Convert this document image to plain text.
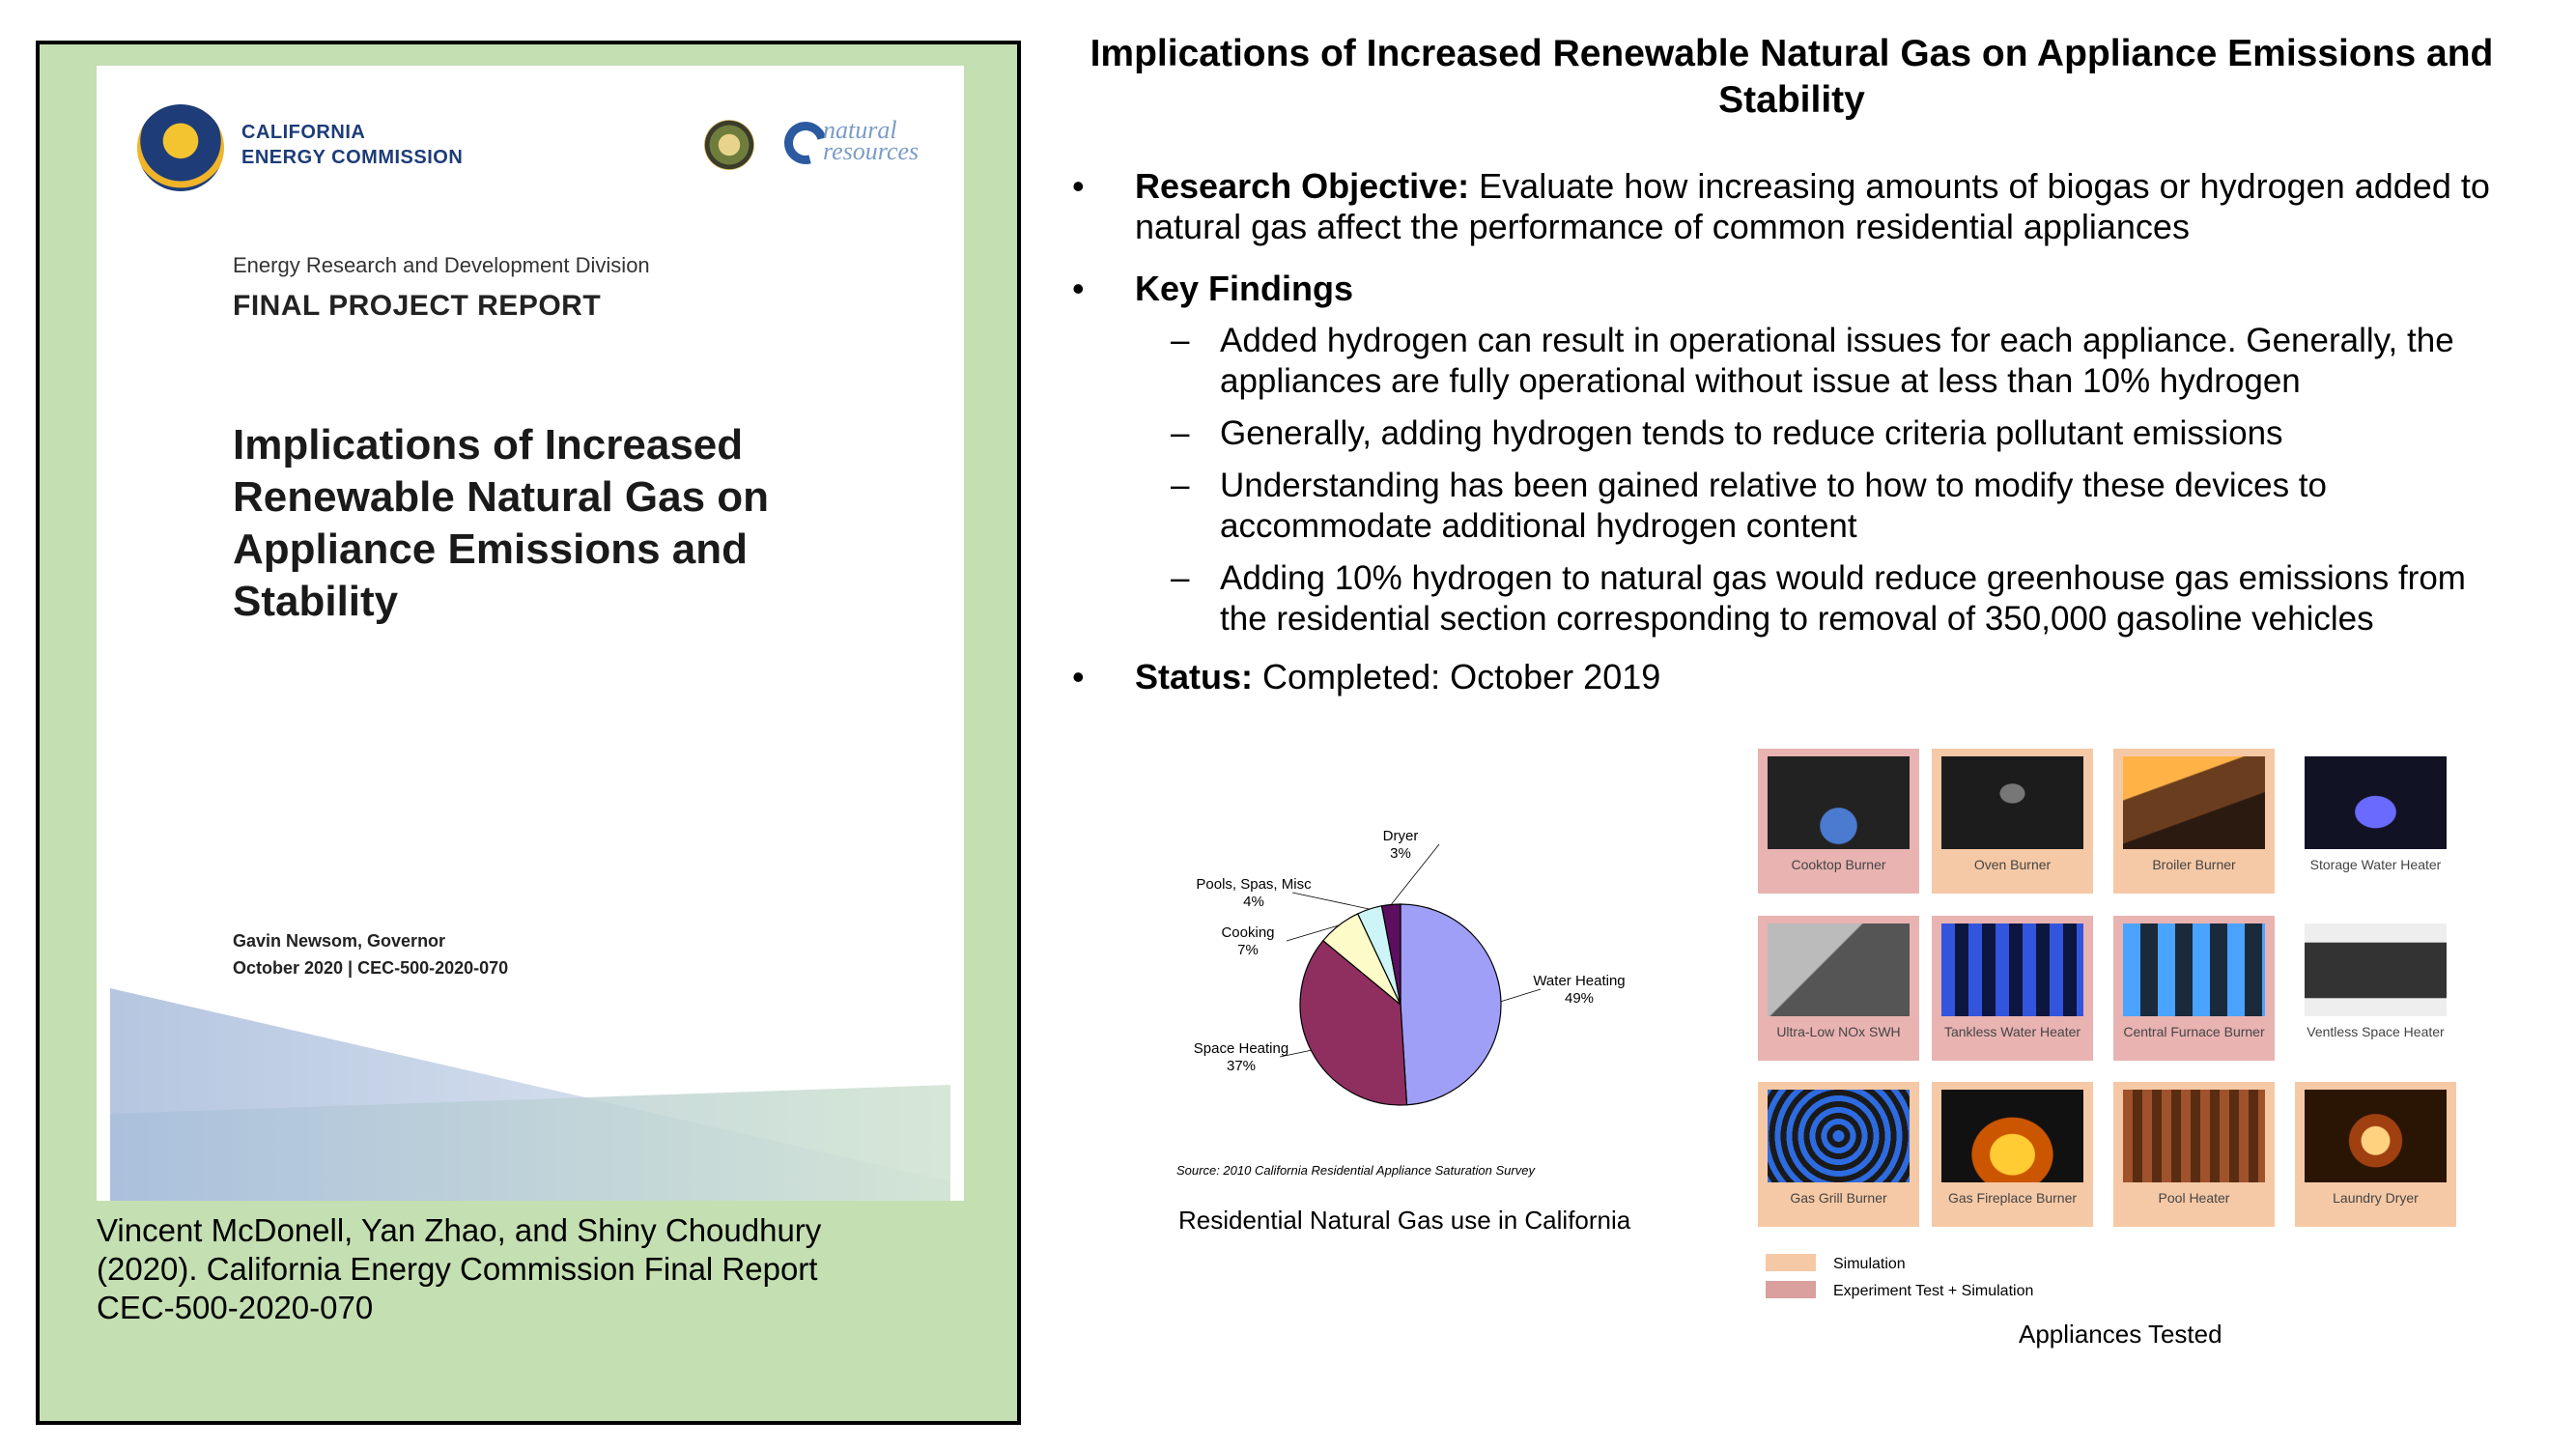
CALIFORNIA
ENERGY COMMISSION
natural
resources
Energy Research and Development Division
FINAL PROJECT REPORT
Implications of Increased Renewable Natural Gas on Appliance Emissions and Stability
Gavin Newsom, Governor
October 2020 | CEC-500-2020-070
Vincent McDonell, Yan Zhao, and Shiny Choudhury
(2020). California Energy Commission Final Report
CEC-500-2020-070
Implications of Increased Renewable Natural Gas on Appliance Emissions and Stability
• Research Objective: Evaluate how increasing amounts of biogas or hydrogen added to
natural gas affect the performance of common residential appliances
• Key Findings
– Added hydrogen can result in operational issues for each appliance. Generally, the
appliances are fully operational without issue at less than 10% hydrogen
– Generally, adding hydrogen tends to reduce criteria pollutant emissions
– Understanding has been gained relative to how to modify these devices to
accommodate additional hydrogen content
– Adding 10% hydrogen to natural gas would reduce greenhouse gas emissions from
the residential section corresponding to removal of 350,000 gasoline vehicles
• Status: Completed: October 2019
Water Heating
49%
Space Heating
37%
Cooking
7%
Pools, Spas, Misc
4%
Dryer
3%
Source: 2010 California Residential Appliance Saturation Survey
Residential Natural Gas use in California
Cooktop Burner	Oven Burner	Broiler Burner	Storage Water Heater
Ultra-Low NOx SWH	Tankless Water Heater	Central Furnace Burner	Ventless Space Heater
Gas Grill Burner	Gas Fireplace Burner	Pool Heater	Laundry Dryer
Simulation
Experiment Test + Simulation
Appliances Tested
